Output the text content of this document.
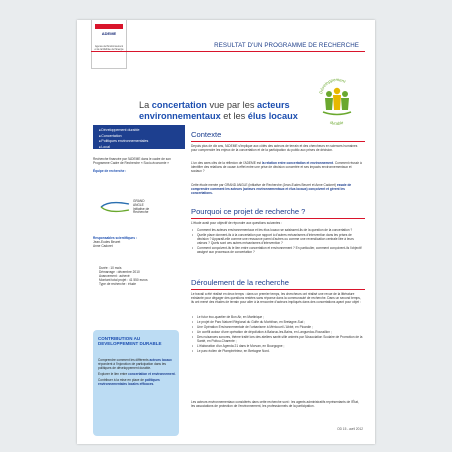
ADEME
Agence de l'Environnement et de la Maîtrise de l'Energie
RESULTAT D'UN PROGRAMME DE RECHERCHE
La concertation vue par les acteurs environnementaux et les élus locaux
Développement
durable
■ Développement durable
■ Concertation
■ Politiques environnementales
■ Local
Contexte

Depuis plus de dix ans, l'ADEME s'implique aux côtés des acteurs de terrain et des chercheurs en sciences humaines pour comprendre les enjeux de la concertation et de la participation du public aux prises de décision.

L'un des axes clés de la réflexion de l'ADEME est la relation entre concertation et environnement. Comment réussir à identifier des relations de cause à effet entre une prise de décision concertée et ses impacts environnementaux et sociaux ?

Cette étude menée par GRAND ANGLE (initiative de Recherche (Jean-Eudes Beuret et Anne Cadoret) essaie de comprendre comment les acteurs (acteurs environnementaux et élus locaux) conçoivent et gèrent les concertations.

Recherche financée par l'ADEME dans le cadre de son Programme Cadre de Recherche « Socio-économie »
Équipe de recherche :
GRAND
ANGLE
Initiative de
Recherche
Responsables scientifiques :
Jean-Eudes Beuret
Anne Cadoret
Durée : 10 mois
Démarrage : décembre 2010
Avancement : achevé
Montant total projet : 41 550 euros
Type de recherche : étude
Pourquoi ce projet de recherche ?

L'étude avait pour objectif de répondre aux questions suivantes :

• Comment les acteurs environnementaux et les élus locaux se saisissent-ils de la question de la concertation ?
• Quelle place donnent-ils à la concertation par rapport à d'autres mécanismes d'intervention dans les prises de décision ? Apparaît-elle comme une ressource parmi d'autres ou comme une revendication centrale liée à leurs valeurs ? Quels sont ces autres mécanismes d'intervention ?
• Comment conçoivent-ils le lien entre concertation et environnement ? En particulier, comment conçoivent-ils l'objectif assigné aux processus de concertation ?
Déroulement de la recherche

Le travail a été réalisé en deux temps : dans un premier temps, les chercheurs ont réalisé une revue de la littérature existante pour dégager des questions restées sans réponse dans la communauté de recherche. Dans un second temps, ils ont mené des études de terrain pour aller à la rencontre d'acteurs impliqués dans des concertations ayant pour objet :

• Le futur éco-quartier de Bon Air, en Martinique ;
• Le projet de Parc Naturel Régional du Golfe du Morbihan, en Bretagne-Sud ;
• Une Opération Environnementale de l'urbanisme à Méricourt L'Abbé, en Picardie ;
• Un conflit autour d'une opération de dépollution à Balaruc-les-Bains, en Languedoc-Roussillon ;
• Des nuisances sonores, thème traité lors des ateliers santé-ville animés par l'Association Scolaire de Promotion de la Santé, en Poitou-Charente ;
• L'élaboration d'un Agenda 21 dans le Morvan, en Bourgogne ;
• Le parc éolien de Plamphétrieur, en Bretagne Nord.

Les acteurs environnementaux considérés dans cette recherche sont : les agents administratifs représentants de l'État, les associations de protection de l'environnement, les professionnels de la participation.

CONTRIBUTION AU DEVELOPPEMENT DURABLE

Comprendre comment les différents acteurs locaux répondent à l'injonction de participation dans les politiques de développement durable.

Explorer le lien entre concertation et environnement.

Contribuer à la mise en place de politiques environnementales locales efficaces.

OD 15 - avril 2012
